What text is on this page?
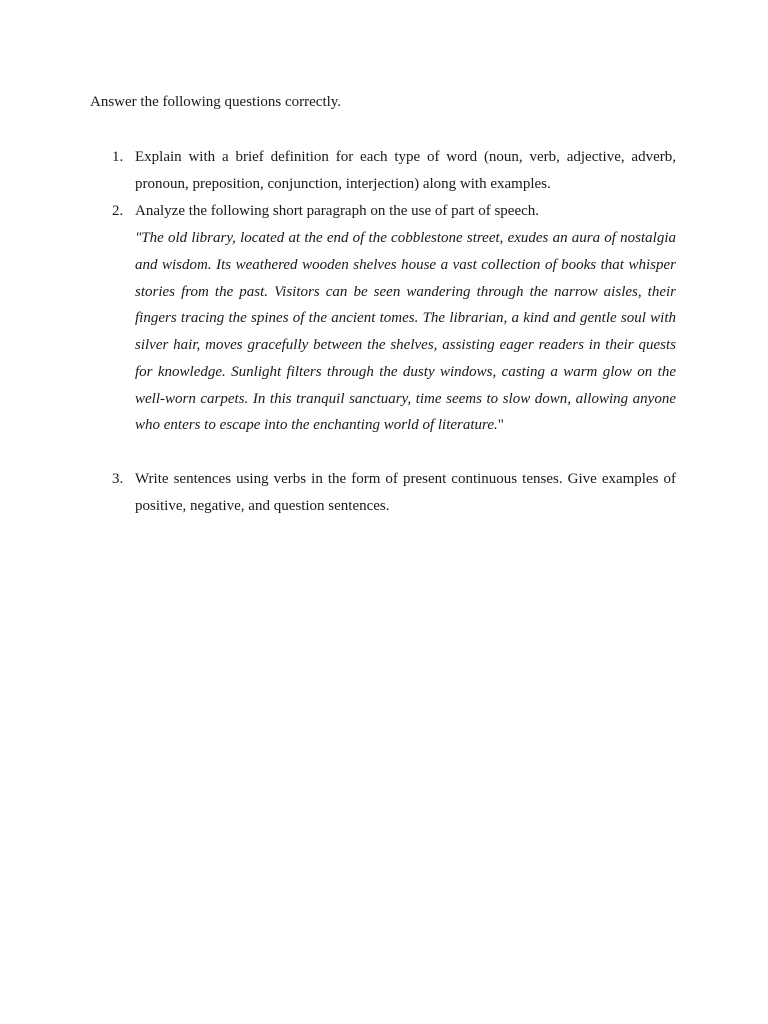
Answer the following questions correctly.

1. Explain with a brief definition for each type of word (noun, verb, adjective, adverb, pronoun, preposition, conjunction, interjection) along with examples.
2. Analyze the following short paragraph on the use of part of speech.
"The old library, located at the end of the cobblestone street, exudes an aura of nostalgia and wisdom. Its weathered wooden shelves house a vast collection of books that whisper stories from the past. Visitors can be seen wandering through the narrow aisles, their fingers tracing the spines of the ancient tomes. The librarian, a kind and gentle soul with silver hair, moves gracefully between the shelves, assisting eager readers in their quests for knowledge. Sunlight filters through the dusty windows, casting a warm glow on the well-worn carpets. In this tranquil sanctuary, time seems to slow down, allowing anyone who enters to escape into the enchanting world of literature."
3. Write sentences using verbs in the form of present continuous tenses. Give examples of positive, negative, and question sentences.
